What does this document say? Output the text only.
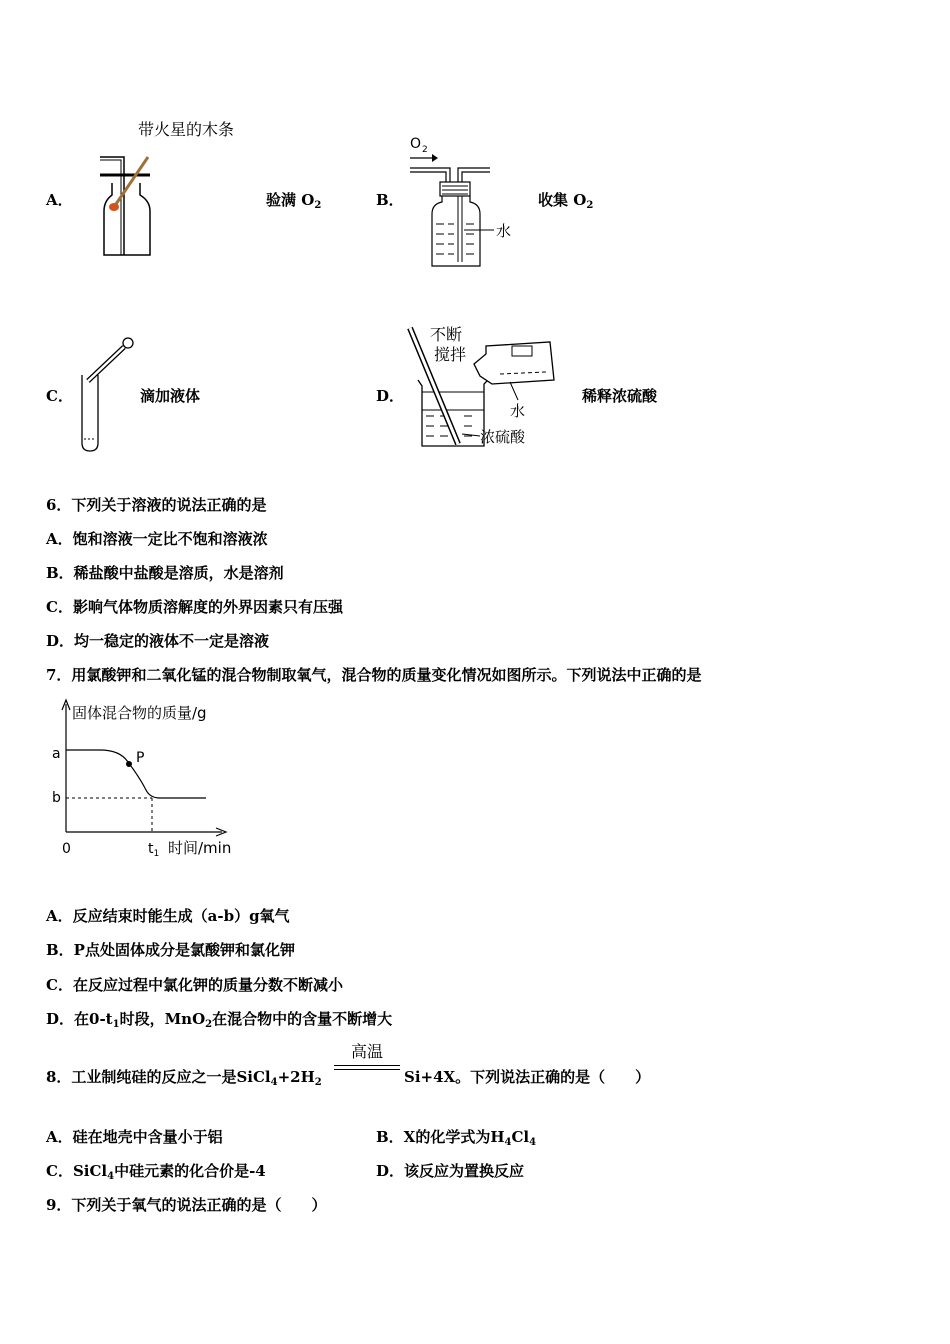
A．
带火星的木条
验满 $O_2$	B．
O 2
水
收集 $O_2$
C．	滴加液体	D．
不断
搅拌
水
浓硫酸
稀释浓硫酸
6．下列关于溶液的说法正确的是
A．饱和溶液一定比不饱和溶液浓
B．稀盐酸中盐酸是溶质，水是溶剂
C．影响气体物质溶解度的外界因素只有压强
D．均一稳定的液体不一定是溶液
7．用氯酸钾和二氧化锰的混合物制取氧气，混合物的质量变化情况如图所示。下列说法中正确的是
固体混合物的质量/g
a
b
0	$t_1$ 时间/min
P
A．反应结束时能生成（a-b）g氧气
B．P点处固体成分是氯酸钾和氯化钾
C．在反应过程中氯化钾的质量分数不断减小
D．在$0-t_1$时段，MnO$_2$在混合物中的含量不断增大
8．工业制纯硅的反应之一是$SiCl_4+2H_2$
高温
Si+4X。下列说法正确的是（　　）
A．硅在地壳中含量小于铝	B．X的化学式为$H_4Cl_4$
C．SiCl$_4$中硅元素的化合价是-4	D．该反应为置换反应
9．下列关于氧气的说法正确的是（　　）
